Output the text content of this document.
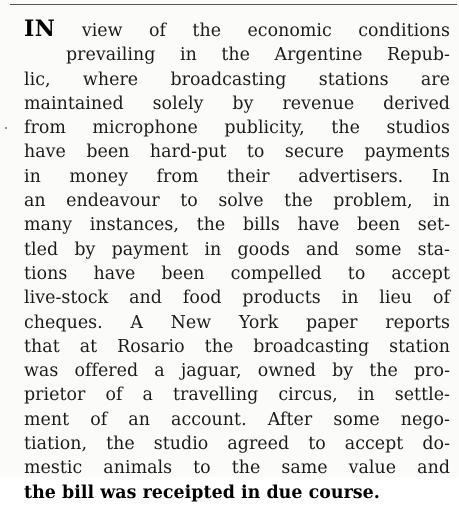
IN view of the economic conditions
prevailing in the Argentine Repub-
lic, where broadcasting stations are
maintained solely by revenue derived
from microphone publicity, the studios
have been hard-put to secure payments
in money from their advertisers. In
an endeavour to solve the problem, in
many instances, the bills have been set-
tled by payment in goods and some sta-
tions have been compelled to accept
live-stock and food products in lieu of
cheques. A New York paper reports
that at Rosario the broadcasting station
was offered a jaguar, owned by the pro-
prietor of a travelling circus, in settle-
ment of an account. After some nego-
tiation, the studio agreed to accept do-
mestic animals to the same value and
the bill was receipted in due course.
